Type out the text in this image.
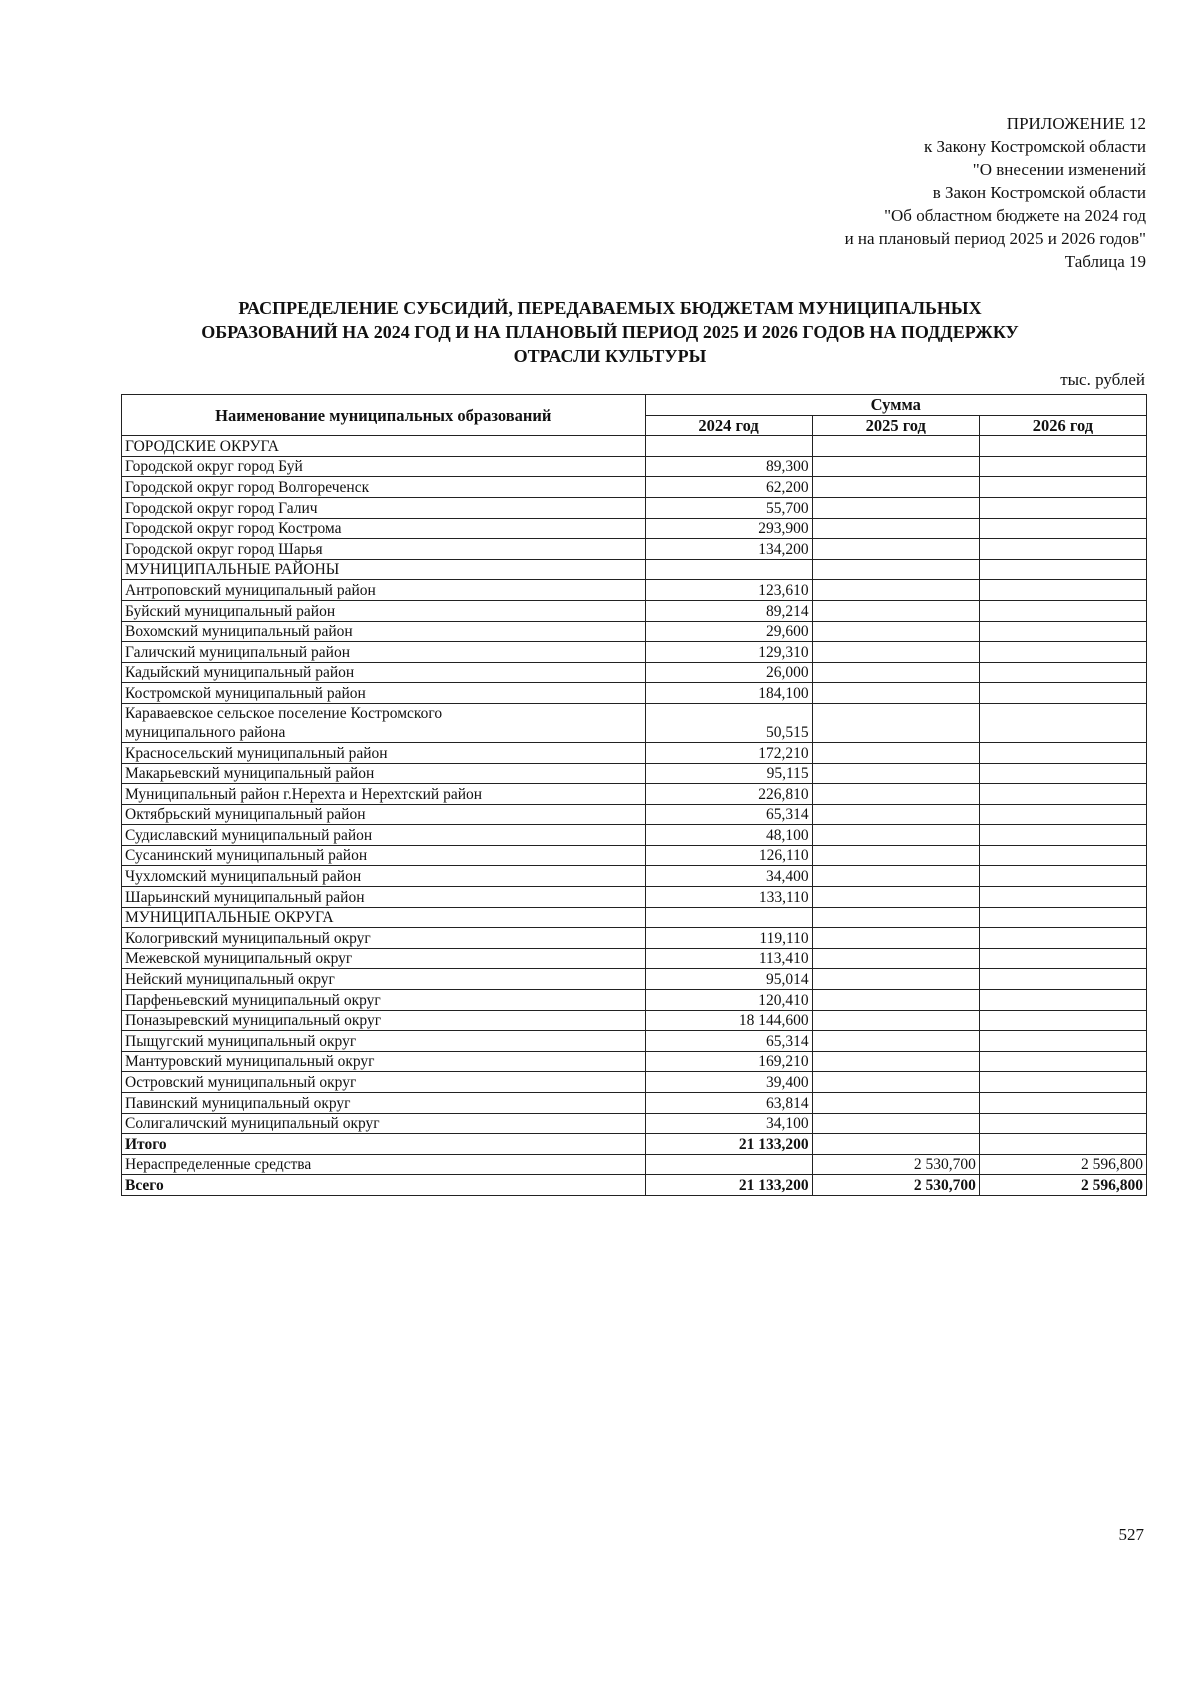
ПРИЛОЖЕНИЕ 12
к Закону Костромской области
"О внесении изменений
в Закон Костромской области
"Об областном бюджете на 2024 год
и на плановый период 2025 и 2026 годов"
Таблица 19
РАСПРЕДЕЛЕНИЕ СУБСИДИЙ, ПЕРЕДАВАЕМЫХ БЮДЖЕТАМ МУНИЦИПАЛЬНЫХ
ОБРАЗОВАНИЙ НА 2024 ГОД И НА ПЛАНОВЫЙ ПЕРИОД 2025 И 2026 ГОДОВ НА ПОДДЕРЖКУ
ОТРАСЛИ КУЛЬТУРЫ
тыс. рублей
Наименование муниципальных образований	Сумма		
	2024 год	2025 год	2026 год

ГОРОДСКИЕ ОКРУГА			

Городской округ город Буй	89,300		

Городской округ город Волгореченск	62,200		

Городской округ город Галич	55,700		

Городской округ город Кострома	293,900		

Городской округ город Шарья	134,200		

МУНИЦИПАЛЬНЫЕ РАЙОНЫ			

Антроповский муниципальный район	123,610		

Буйский муниципальный район	89,214		

Вохомский муниципальный район	29,600		

Галичский муниципальный район	129,310		

Кадыйский муниципальный район	26,000		

Костромской муниципальный район	184,100		

Караваевское сельское поселение Костромского
муниципального района	50,515		

Красносельский муниципальный район	172,210		

Макарьевский муниципальный район	95,115		

Муниципальный район г.Нерехта и Нерехтский район	226,810		

Октябрьский муниципальный район	65,314		

Судиславский муниципальный район	48,100		

Сусанинский муниципальный район	126,110		

Чухломский муниципальный район	34,400		

Шарьинский муниципальный район	133,110		

МУНИЦИПАЛЬНЫЕ ОКРУГА			

Кологривский муниципальный округ	119,110		

Межевской муниципальный округ	113,410		

Нейский муниципальный округ	95,014		

Парфеньевский муниципальный округ	120,410		

Поназыревский муниципальный округ	18 144,600		

Пыщугский муниципальный округ	65,314		

Мантуровский муниципальный округ	169,210		

Островский муниципальный округ	39,400		

Павинский муниципальный округ	63,814		

Солигаличский муниципальный округ	34,100		

Итого	21 133,200		

Нераспределенные средства		2 530,700	2 596,800

Всего	21 133,200	2 530,700	2 596,800
527
